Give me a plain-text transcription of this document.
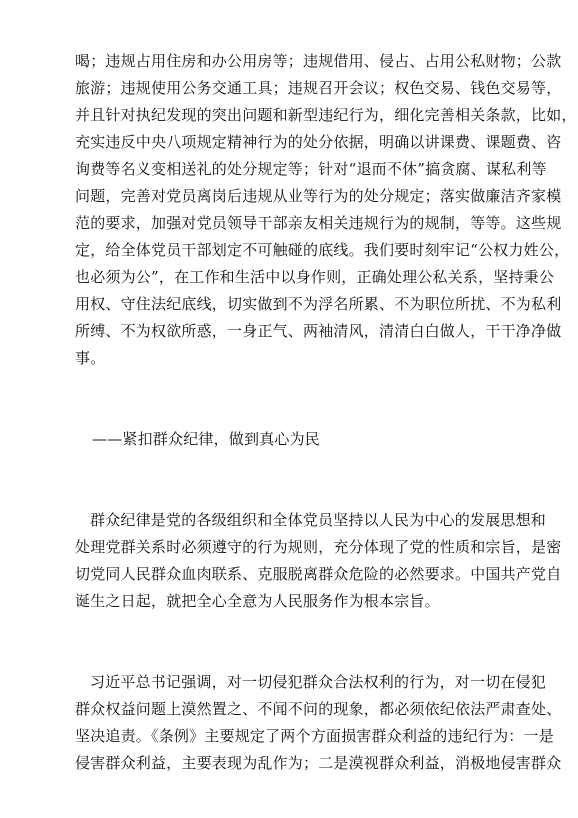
喝；违规占用住房和办公用房等；违规借用、侵占、占用公私财物；公款
旅游；违规使用公务交通工具；违规召开会议；权色交易、钱色交易等，
并且针对执纪发现的突出问题和新型违纪行为，细化完善相关条款，比如，
充实违反中央八项规定精神行为的处分依据，明确以讲课费、课题费、咨
询费等名义变相送礼的处分规定等；针对“退而不休”搞贪腐、谋私利等
问题，完善对党员离岗后违规从业等行为的处分规定；落实做廉洁齐家模
范的要求，加强对党员领导干部亲友相关违规行为的规制，等等。这些规
定，给全体党员干部划定不可触碰的底线。我们要时刻牢记“公权力姓公，
也必须为公”，在工作和生活中以身作则，正确处理公私关系，坚持秉公
用权、守住法纪底线，切实做到不为浮名所累、不为职位所扰、不为私利
所缚、不为权欲所惑，一身正气、两袖清风，清清白白做人，干干净净做
事。
——紧扣群众纪律，做到真心为民
群众纪律是党的各级组织和全体党员坚持以人民为中心的发展思想和
处理党群关系时必须遵守的行为规则，充分体现了党的性质和宗旨，是密
切党同人民群众血肉联系、克服脱离群众危险的必然要求。中国共产党自
诞生之日起，就把全心全意为人民服务作为根本宗旨。
习近平总书记强调，对一切侵犯群众合法权利的行为，对一切在侵犯
群众权益问题上漠然置之、不闻不问的现象，都必须依纪依法严肃查处、
坚决追责。《条例》主要规定了两个方面损害群众利益的违纪行为：一是
侵害群众利益，主要表现为乱作为；二是漠视群众利益，消极地侵害群众
